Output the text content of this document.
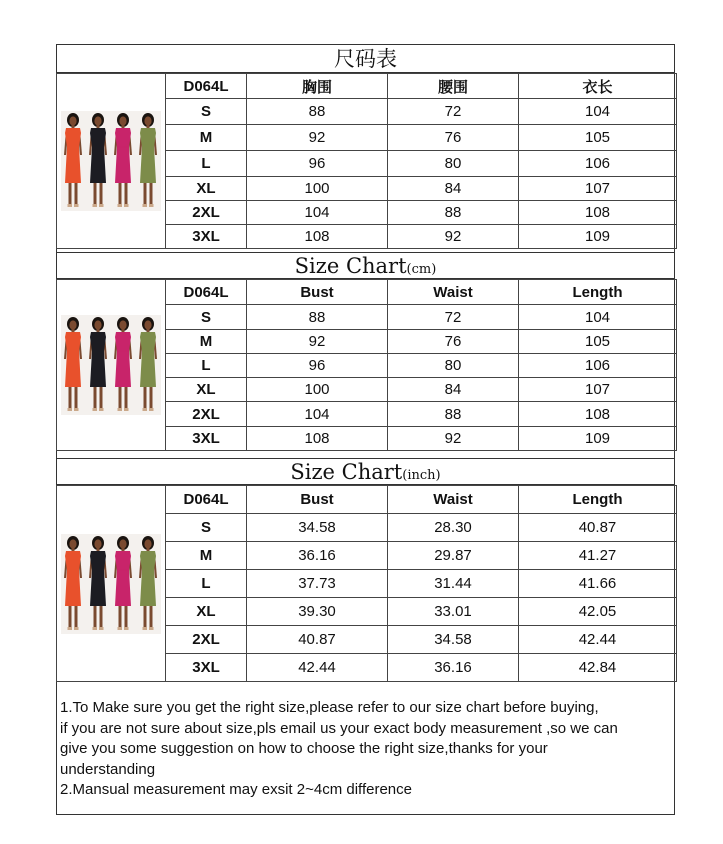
尺码表
	D064L	胸围	腰围	衣长
	S	88	72	104
	M	92	76	105
	L	96	80	106
	XL	100	84	107
	2XL	104	88	108
	3XL	108	92	109
Size Chart(cm)
	D064L	Bust	Waist	Length
	S	88	72	104
	M	92	76	105
	L	96	80	106
	XL	100	84	107
	2XL	104	88	108
	3XL	108	92	109
Size Chart(inch)
	D064L	Bust	Waist	Length
	S	34.58	28.30	40.87
	M	36.16	29.87	41.27
	L	37.73	31.44	41.66
	XL	39.30	33.01	42.05
	2XL	40.87	34.58	42.44
	3XL	42.44	36.16	42.84
1.To Make sure you get the right size,please refer to our size chart before buying,
if you are not sure about size,pls email us your exact body measurement ,so we can
give you some suggestion on how to choose the right size,thanks for your
understanding
2.Mansual measurement may exsit 2~4cm difference
